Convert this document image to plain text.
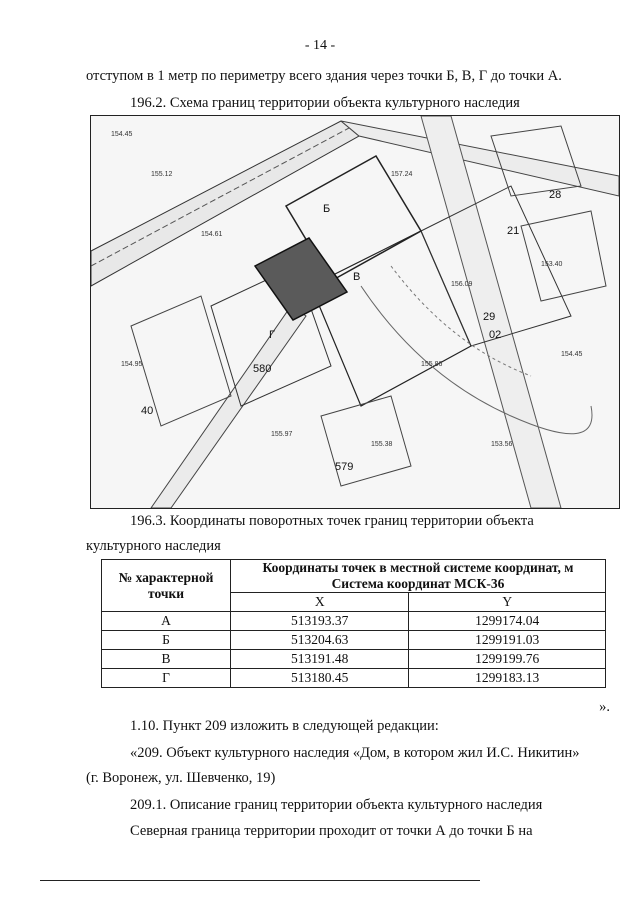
- 14 -
отступом в 1 метр по периметру всего здания через точки Б, В, Г до точки А.
196.2. Схема границ территории объекта культурного наследия
154.45
155.12
154.61
157.24
156.09
153.40
154.45
155.38
155.97
153.56
154.95	155.86
Б
В
Г
28
21
29
580
579
40
02
196.3. Координаты поворотных точек границ территории объекта
культурного наследия
№ характерной точки	Координаты точек в местной системе координат, м Система координат МСК-36	
	X	Y
А	513193.37	1299174.04
Б	513204.63	1299191.03
В	513191.48	1299199.76
Г	513180.45	1299183.13
».
1.10. Пункт 209 изложить в следующей редакции:
«209. Объект культурного наследия «Дом, в котором жил И.С. Никитин»
(г. Воронеж, ул. Шевченко, 19)
209.1. Описание границ территории объекта культурного наследия
Северная граница территории проходит от точки А до точки Б на
